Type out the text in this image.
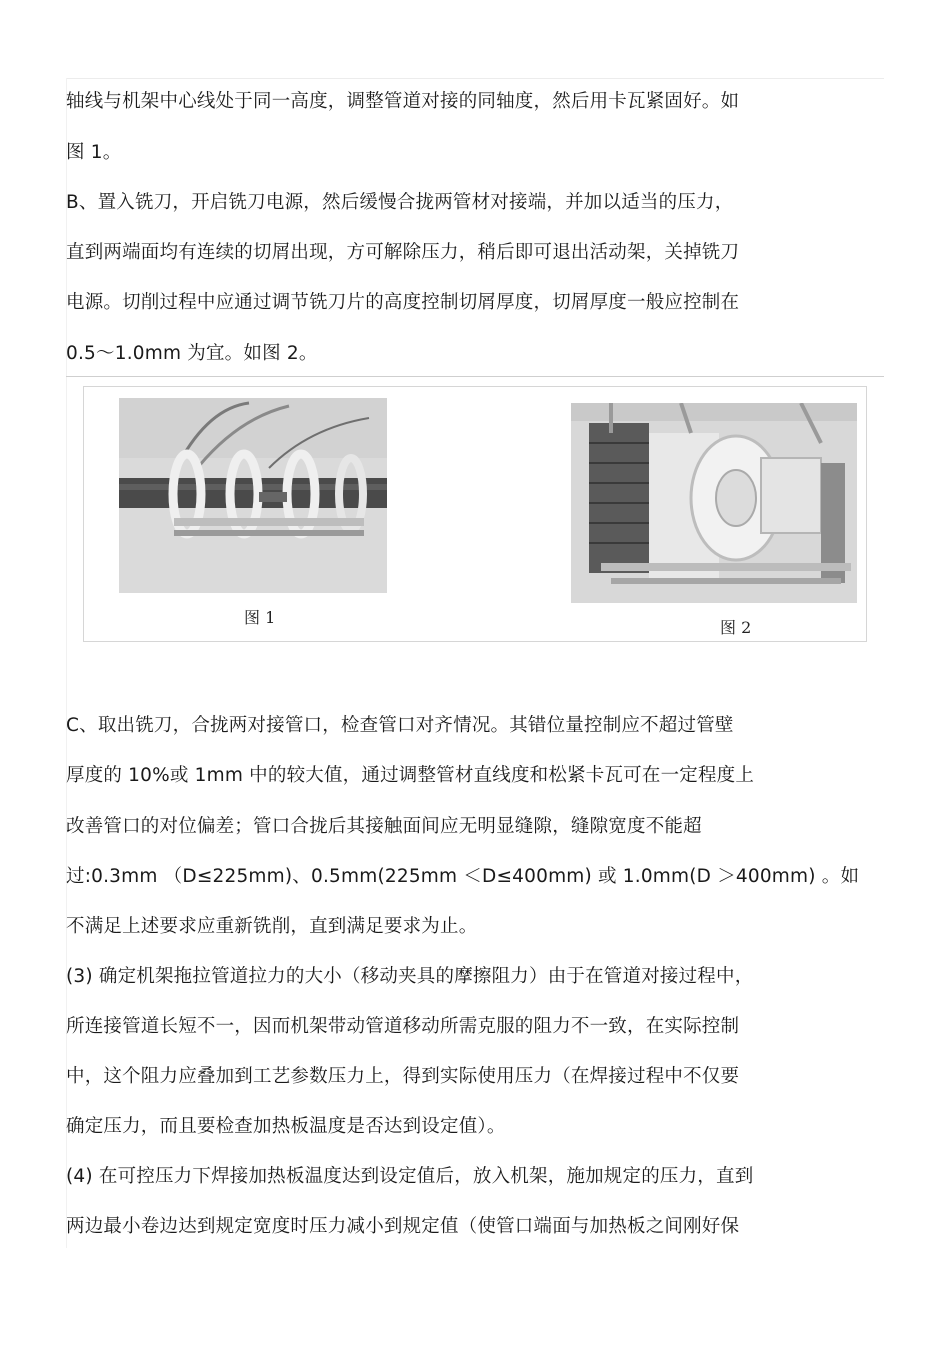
轴线与机架中心线处于同一高度，调整管道对接的同轴度，然后用卡瓦紧固好。如
图 1。
B、置入铣刀，开启铣刀电源，然后缓慢合拢两管材对接端，并加以适当的压力，
直到两端面均有连续的切屑出现，方可解除压力，稍后即可退出活动架，关掉铣刀
电源。切削过程中应通过调节铣刀片的高度控制切屑厚度，切屑厚度一般应控制在
0.5～1.0mm 为宜。如图 2。
图 1
图 2
C、取出铣刀，合拢两对接管口，检查管口对齐情况。其错位量控制应不超过管壁
厚度的 10%或 1mm 中的较大值，通过调整管材直线度和松紧卡瓦可在一定程度上
改善管口的对位偏差；管口合拢后其接触面间应无明显缝隙，缝隙宽度不能超
过:0.3mm （D≤225mm)、0.5mm(225mm ＜D≤400mm) 或 1.0mm(D ＞400mm) 。如
不满足上述要求应重新铣削，直到满足要求为止。
(3) 确定机架拖拉管道拉力的大小（移动夹具的摩擦阻力）由于在管道对接过程中，
所连接管道长短不一，因而机架带动管道移动所需克服的阻力不一致，在实际控制
中，这个阻力应叠加到工艺参数压力上，得到实际使用压力（在焊接过程中不仅要
确定压力，而且要检查加热板温度是否达到设定值）。
(4) 在可控压力下焊接加热板温度达到设定值后，放入机架，施加规定的压力，直到
两边最小卷边达到规定宽度时压力减小到规定值（使管口端面与加热板之间刚好保
